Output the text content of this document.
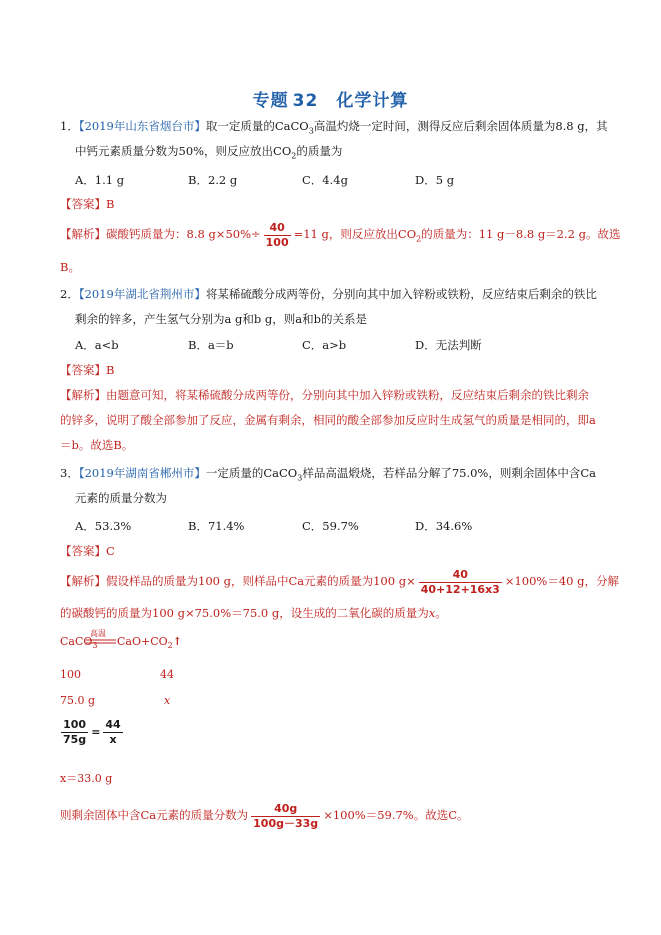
专题 32 化学计算
1．【2019年山东省烟台市】取一定质量的CaCO$_3$高温灼烧一定时间，测得反应后剩余固体质量为8.8 g，其
中钙元素质量分数为50%，则反应放出$CO_2$的质量为
A．1.1 g	B．2.2 g	C．4.4g	D．5 g
【答案】B
【解析】碳酸钙质量为：8.8 $g\times 50\%\div \frac{40}{100} =11$ g，则反应放出$CO_2$的质量为：11 g－8.8 g＝2.2 g。故选
B。
2．【2019年湖北省荆州市】将某稀硫酸分成两等份，分别向其中加入锌粉或铁粉，反应结束后剩余的铁比
剩余的锌多，产生氢气分别为a g和b g，则a和b的关系是
A．a<b	B．a＝b	C．a>b	D．无法判断
【答案】B
【解析】由题意可知，将某稀硫酸分成两等份，分别向其中加入锌粉或铁粉，反应结束后剩余的铁比剩余
的锌多，说明了酸全部参加了反应，金属有剩余，相同的酸全部参加反应时生成氢气的质量是相同的，即a
＝b。故选B。
3．【2019年湖南省郴州市】一定质量的CaCO$_3$样品高温煅烧，若样品分解了75.0%，则剩余固体中含Ca
元素的质量分数为
A．53.3%	B．71.4%	C．59.7%	D．34.6%
【答案】C
【解析】假设样品的质量为100 g，则样品中Ca元素的质量为100 $g\times \frac{40}{40+12+16x3} \times 100\%=40$ g，分解
的碳酸钙的质量为100 g×75.0%＝75.0 g，设生成的二氧化碳的质量为x。
高温
CaCO$_3$ $CaO+CO_2↑$
100	44
75.0 g	x
$\frac{100}{75g} = \frac{44}{x}$
x＝33.0 g
则剩余固体中含Ca元素的质量分数为 $\frac{40g}{100g-33g} \times 100\%=59.7\%$。故选C。
